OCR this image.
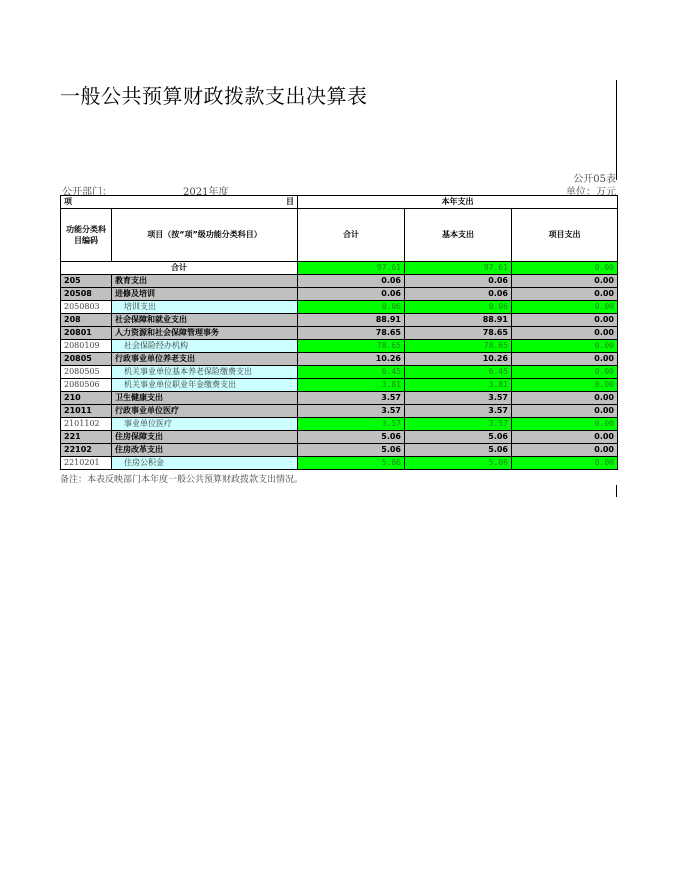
一般公共预算财政拨款支出决算表
公开05表
公开部门：	2021年度	单位：万元
项 目		本年支出		
功能分类科目编码	项目（按“项”级功能分类科目）	合计	基本支出	项目支出
合计		97.61	97.61	0.00
205	教育支出	0.06	0.06	0.00
20508	进修及培训	0.06	0.06	0.00
2050803	培训支出	0.06	0.06	0.00
208	社会保障和就业支出	88.91	88.91	0.00
20801	人力资源和社会保障管理事务	78.65	78.65	0.00
2080109	社会保险经办机构	78.65	78.65	0.00
20805	行政事业单位养老支出	10.26	10.26	0.00
2080505	机关事业单位基本养老保险缴费支出	6.45	6.45	0.00
2080506	机关事业单位职业年金缴费支出	3.81	3.81	0.00
210	卫生健康支出	3.57	3.57	0.00
21011	行政事业单位医疗	3.57	3.57	0.00
2101102	事业单位医疗	3.57	3.57	0.00
221	住房保障支出	5.06	5.06	0.00
22102	住房改革支出	5.06	5.06	0.00
2210201	住房公积金	5.06	5.06	0.00
备注：本表反映部门本年度一般公共预算财政拨款支出情况。
